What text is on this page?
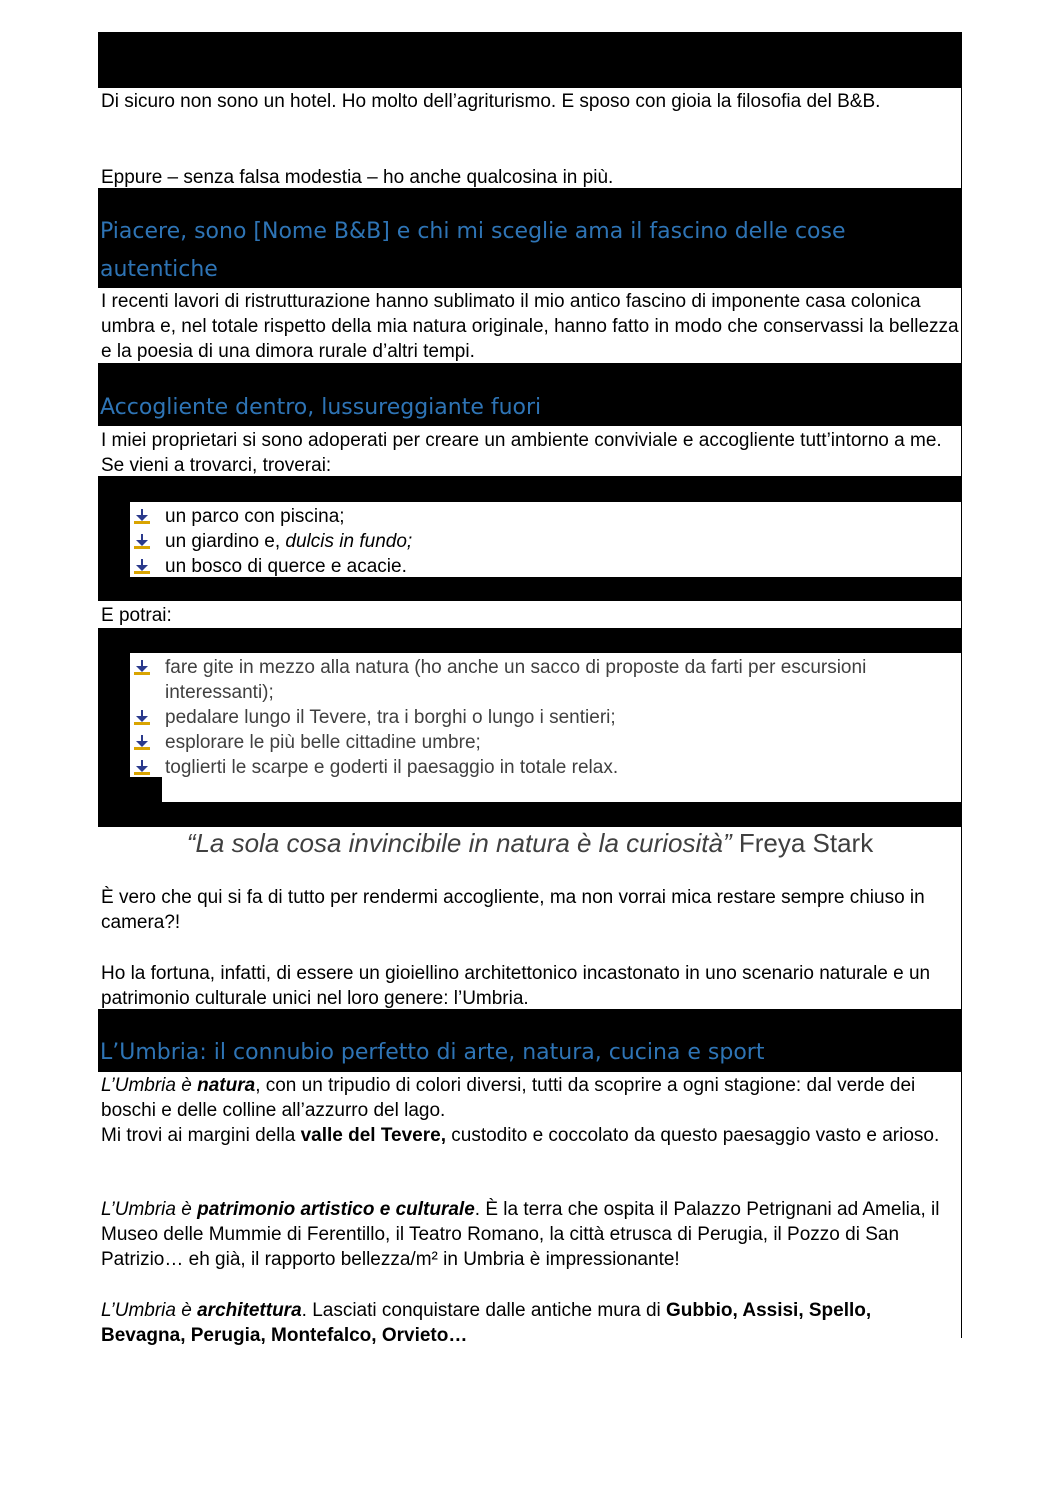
Di sicuro non sono un hotel. Ho molto dell’agriturismo. E sposo con gioia la filosofia del B&B.

Eppure – senza falsa modestia – ho anche qualcosina in più.

Piacere, sono [Nome B&B] e chi mi sceglie ama il fascino delle cose
autentiche

I recenti lavori di ristrutturazione hanno sublimato il mio antico fascino di imponente casa colonica umbra e, nel totale rispetto della mia natura originale, hanno fatto in modo che conservassi la bellezza e la poesia di una dimora rurale d’altri tempi.

Accogliente dentro, lussureggiante fuori

I miei proprietari si sono adoperati per creare un ambiente conviviale e accogliente tutt’intorno a me. Se vieni a trovarci, troverai:

un parco con piscina;
un giardino e, dulcis in fundo;
un bosco di querce e acacie.

E potrai:

fare gite in mezzo alla natura (ho anche un sacco di proposte da farti per escursioni interessanti);
pedalare lungo il Tevere, tra i borghi o lungo i sentieri;
esplorare le più belle cittadine umbre;
toglierti le scarpe e goderti il paesaggio in totale relax.
“La sola cosa invincibile in natura è la curiosità” Freya Stark

È vero che qui si fa di tutto per rendermi accogliente, ma non vorrai mica restare sempre chiuso in camera?!

Ho la fortuna, infatti, di essere un gioiellino architettonico incastonato in uno scenario naturale e un patrimonio culturale unici nel loro genere: l’Umbria.

L’Umbria: il connubio perfetto di arte, natura, cucina e sport

L’Umbria è natura, con un tripudio di colori diversi, tutti da scoprire a ogni stagione: dal verde dei boschi e delle colline all’azzurro del lago.

Mi trovi ai margini della valle del Tevere, custodito e coccolato da questo paesaggio vasto e arioso.

L’Umbria è patrimonio artistico e culturale. È la terra che ospita il Palazzo Petrignani ad Amelia, il Museo delle Mummie di Ferentillo, il Teatro Romano, la città etrusca di Perugia, il Pozzo di San Patrizio… eh già, il rapporto bellezza/m² in Umbria è impressionante!

L’Umbria è architettura. Lasciati conquistare dalle antiche mura di Gubbio, Assisi, Spello, Bevagna, Perugia, Montefalco, Orvieto…
